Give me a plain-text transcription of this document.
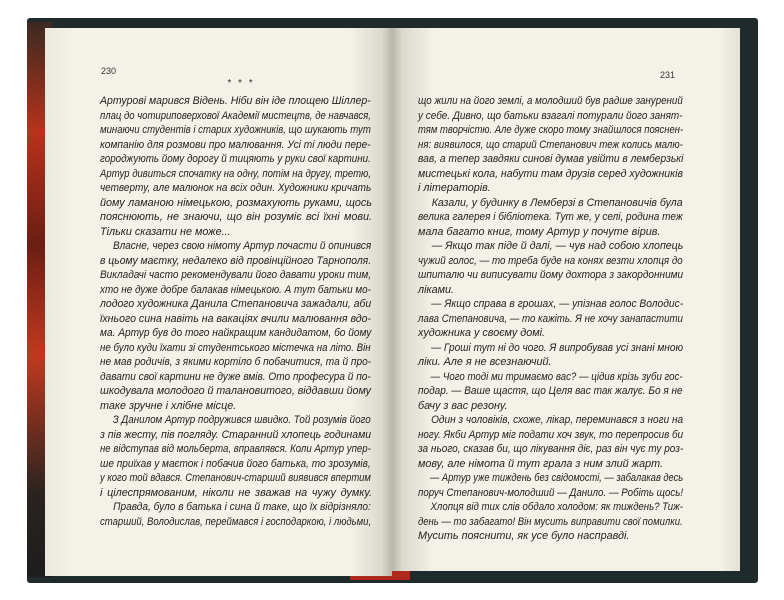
230
* * *
Артурові марився Відень. Ніби він іде площею Шіллер-
плац до чотириповерхової Академії мистецтв, де навчався,
минаючи студентів і старих художників, що шукають тут
компанію для розмови про малювання. Усі ті люди пере-
городжують йому дорогу й тицяють у руки свої картини.
Артур дивиться спочатку на одну, потім на другу, третю,
четверту, але малюнок на всіх один. Художники кричать
йому ламаною німецькою, розмахують руками, щось
пояснюють, не знаючи, що він розуміє всі їхні мови.
Тільки сказати не може...
Власне, через свою німоту Артур почасти й опинився
в цьому маєтку, недалеко від провінційного Тарнополя.
Викладачі часто рекомендували його давати уроки тим,
хто не дуже добре балакав німецькою. А тут батьки мо-
лодого художника Данила Степановича зажадали, аби
їхнього сина навіть на вакаціях вчили малювання вдо-
ма. Артур був до того найкращим кандидатом, бо йому
не було куди їхати зі студентського містечка на літо. Він
не мав родичів, з якими кортіло б побачитися, та й про-
давати свої картини не дуже вмів. Ото професура й по-
шкодувала молодого й талановитого, віддавши йому
таке зручне і хлібне місце.
З Данилом Артур подружився швидко. Той розумів його
з пів жесту, пів погляду. Старанний хлопець годинами
не відступав від мольберта, вправлявся. Коли Артур упер-
ше приїхав у маєток і побачив його батька, то зрозумів,
у кого той вдався. Степанович-старший виявився впертим
і цілеспрямованим, ніколи не зважав на чужу думку.
Правда, було в батька і сина й таке, що їх відрізняло:
старший, Володислав, переймався і господаркою, і людьми,
231
що жили на його землі, а молодший був радше занурений
у себе. Дивно, що батьки взагалі потурали його занят-
тям творчістю. Але дуже скоро тому знайшлося пояснен-
ня: виявилося, що старий Степанович теж колись малю-
вав, а тепер завдяки синові думав увійти в лемберзькі
мистецькі кола, набути там друзів серед художників
і літераторів.
Казали, у будинку в Лемберзі в Степановичів була
велика галерея і бібліотека. Тут же, у селі, родина теж
мала багато книг, тому Артур у почуте вірив.
— Якщо так піде й далі, — чув над собою хлопець
чужий голос, — то треба буде на конях везти хлопця до
шпиталю чи виписувати йому дохтора з закордонними
ліками.
— Якщо справа в грошах, — упізнав голос Володис-
лава Степановича, — то кажіть. Я не хочу занапастити
художника у своєму домі.
— Гроші тут ні до чого. Я випробував усі знані мною
ліки. Але я не всезнаючий.
— Чого тоді ми тримаємо вас? — цідив крізь зуби гос-
подар. — Ваше щастя, що Целя вас так жалує. Бо я не
бачу з вас резону.
Один з чоловіків, схоже, лікар, переминався з ноги на
ногу. Якби Артур міг подати хоч звук, то перепросив би
за нього, сказав би, що лікування діє, раз він чує ту роз-
мову, але німота й тут грала з ним злий жарт.
— Артур уже тиждень без свідомості, — забалакав десь
поруч Степанович-молодший — Данило. — Робіть щось!
Хлопця від тих слів обдало холодом: як тиждень? Тиж-
день — то забагато! Він мусить виправити свої помилки.
Мусить пояснити, як усе було насправді.
